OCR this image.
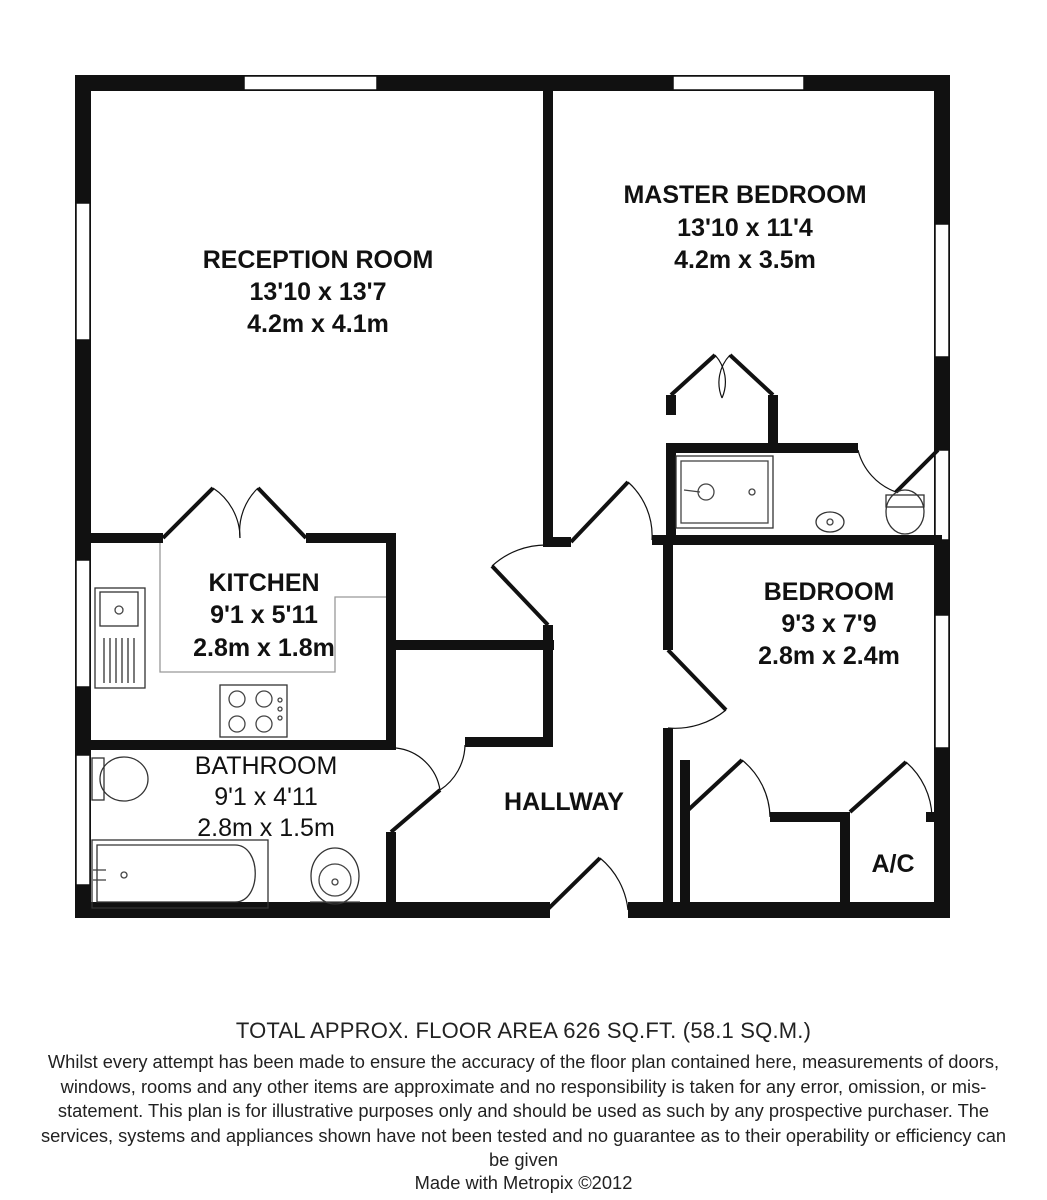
RECEPTION ROOM
13'10 x 13'7
4.2m x 4.1m
MASTER BEDROOM
13'10 x 11'4
4.2m x 3.5m
KITCHEN
9'1 x 5'11
2.8m x 1.8m
BEDROOM
9'3 x 7'9
2.8m x 2.4m
BATHROOM
9'1 x 4'11
2.8m x 1.5m
HALLWAY
A/C
TOTAL APPROX. FLOOR AREA 626 SQ.FT. (58.1 SQ.M.)
Whilst every attempt has been made to ensure the accuracy of the floor plan contained here, measurements of doors, windows, rooms and any other items are approximate and no responsibility is taken for any error, omission, or mis-statement. This plan is for illustrative purposes only and should be used as such by any prospective purchaser. The services, systems and appliances shown have not been tested and no guarantee as to their operability or efficiency can be given
Made with Metropix ©2012
